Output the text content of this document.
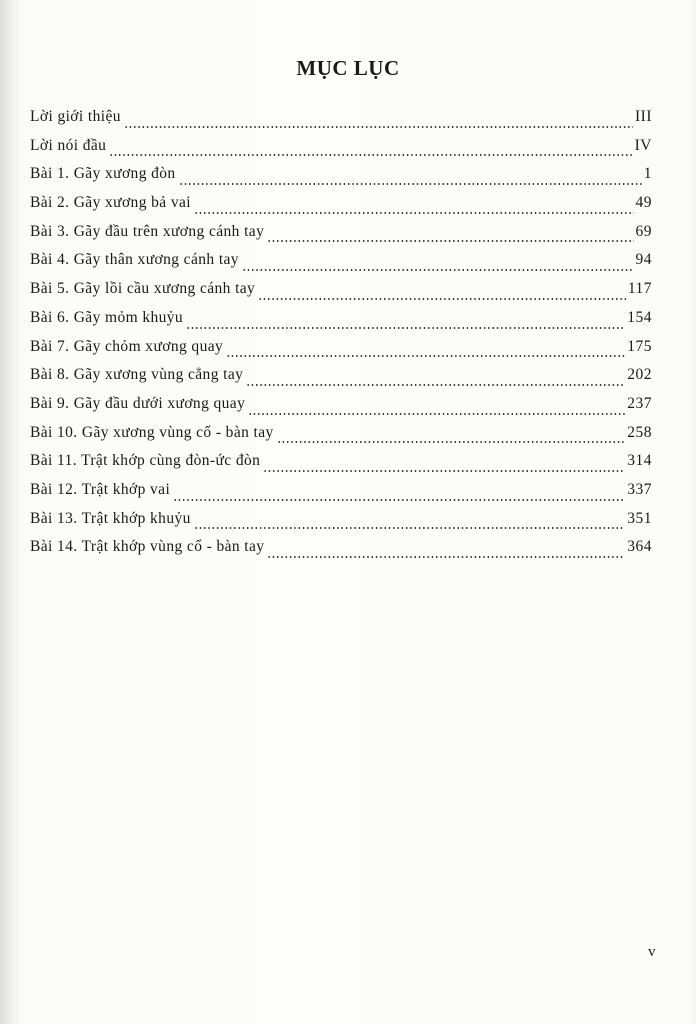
MỤC LỤC
Lời giới thiệu	III
Lời nói đầu	IV
Bài 1. Gãy xương đòn	1
Bài 2. Gãy xương bả vai	49
Bài 3. Gãy đầu trên xương cánh tay	69
Bài 4. Gãy thân xương cánh tay	94
Bài 5. Gãy lồi cầu xương cánh tay	117
Bài 6. Gãy mỏm khuỷu	154
Bài 7. Gãy chỏm xương quay	175
Bài 8. Gãy xương vùng cẳng tay	202
Bài 9. Gãy đầu dưới xương quay	237
Bài 10. Gãy xương vùng cổ - bàn tay	258
Bài 11. Trật khớp cùng đòn-ức đòn	314
Bài 12. Trật khớp vai	337
Bài 13. Trật khớp khuỷu	351
Bài 14. Trật khớp vùng cổ - bàn tay	364
v
